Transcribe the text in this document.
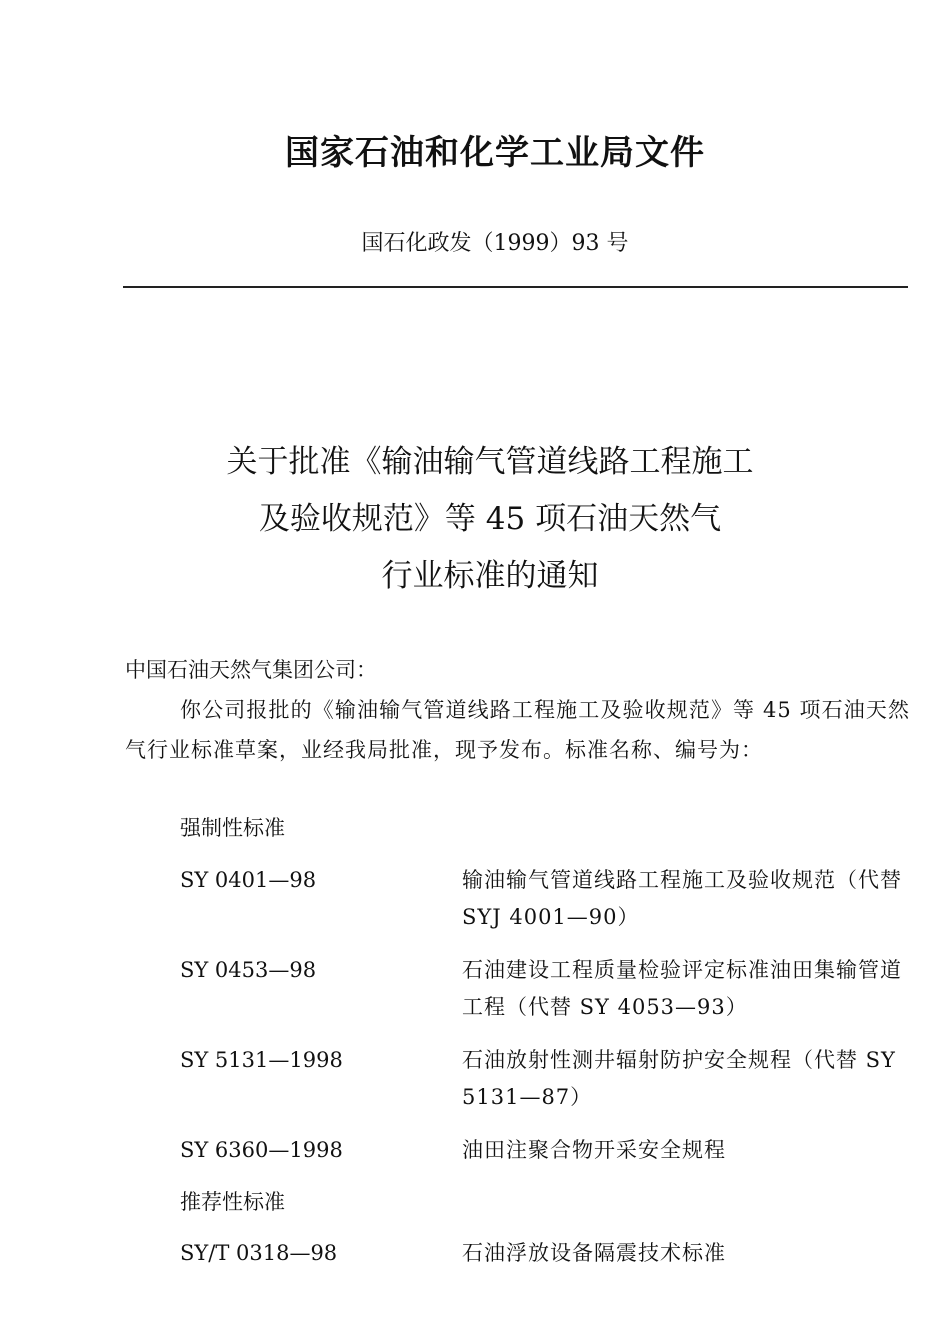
国家石油和化学工业局文件
国石化政发（1999）93 号
关于批准《输油输气管道线路工程施工
及验收规范》等 45 项石油天然气
行业标准的通知
中国石油天然气集团公司：
你公司报批的《输油输气管道线路工程施工及验收规范》等 45 项石油天然气行业标准草案，业经我局批准，现予发布。标准名称、编号为：
强制性标准
SY 0401—98	输油输气管道线路工程施工及验收规范（代替 SYJ 4001—90）
SY 0453—98	石油建设工程质量检验评定标准油田集输管道工程（代替 SY 4053—93）
SY 5131—1998	石油放射性测井辐射防护安全规程（代替 SY 5131—87）
SY 6360—1998	油田注聚合物开采安全规程
推荐性标准
SY/T 0318—98	石油浮放设备隔震技术标准
